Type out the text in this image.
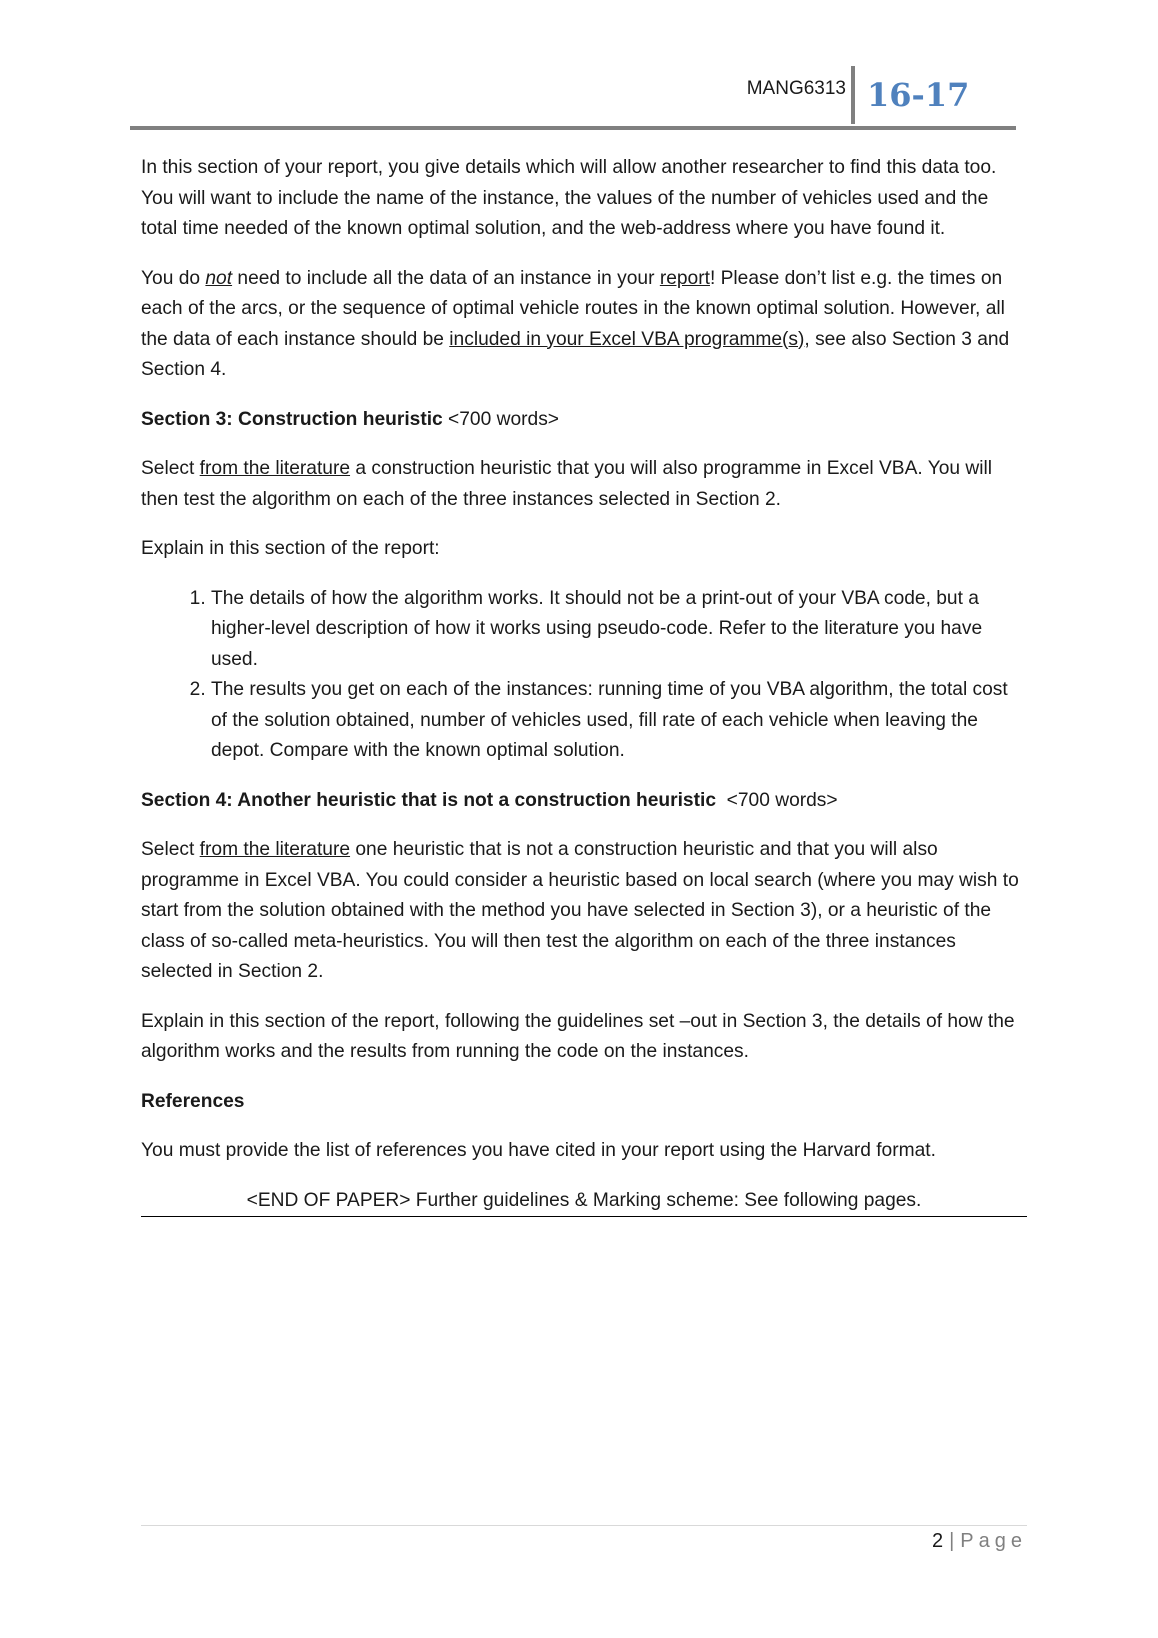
MANG6313 16-17

In this section of your report, you give details which will allow another researcher to find this data too. You will want to include the name of the instance, the values of the number of vehicles used and the total time needed of the known optimal solution, and the web-address where you have found it.

You do not need to include all the data of an instance in your report! Please don’t list e.g. the times on each of the arcs, or the sequence of optimal vehicle routes in the known optimal solution. However, all the data of each instance should be included in your Excel VBA programme(s), see also Section 3 and Section 4.

Section 3: Construction heuristic <700 words>

Select from the literature a construction heuristic that you will also programme in Excel VBA. You will then test the algorithm on each of the three instances selected in Section 2.

Explain in this section of the report:

1. The details of how the algorithm works. It should not be a print-out of your VBA code, but a higher-level description of how it works using pseudo-code. Refer to the literature you have used.
2. The results you get on each of the instances: running time of you VBA algorithm, the total cost of the solution obtained, number of vehicles used, fill rate of each vehicle when leaving the depot. Compare with the known optimal solution.

Section 4: Another heuristic that is not a construction heuristic  <700 words>

Select from the literature one heuristic that is not a construction heuristic and that you will also programme in Excel VBA. You could consider a heuristic based on local search (where you may wish to start from the solution obtained with the method you have selected in Section 3), or a heuristic of the class of so-called meta-heuristics. You will then test the algorithm on each of the three instances selected in Section 2.

Explain in this section of the report, following the guidelines set –out in Section 3, the details of how the algorithm works and the results from running the code on the instances.

References

You must provide the list of references you have cited in your report using the Harvard format.

<END OF PAPER> Further guidelines & Marking scheme: See following pages.

2 | Page
